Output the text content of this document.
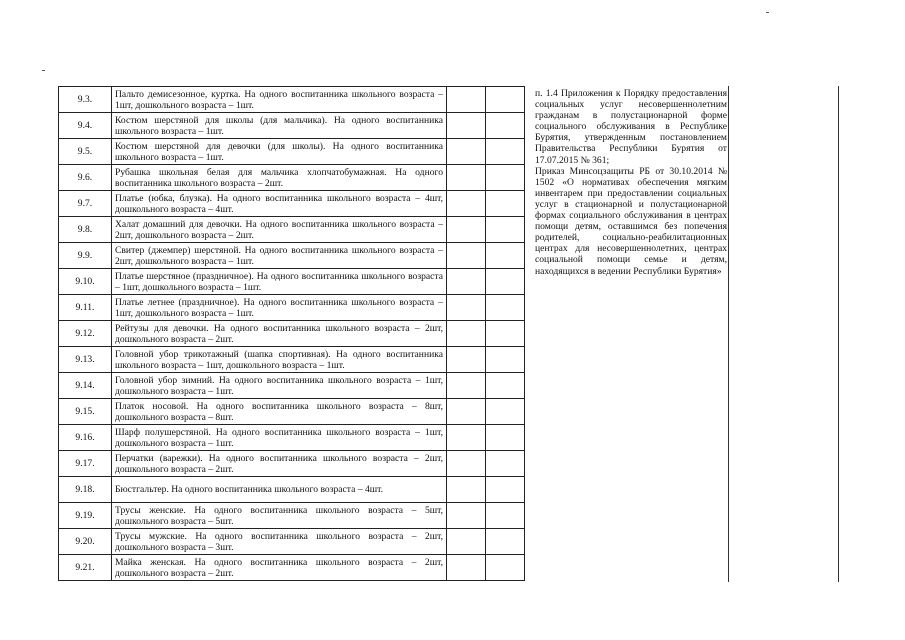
9.3.	Пальто демисезонное, куртка. На одного воспитанника школьного возраста – 1шт, дошкольного возраста – 1шт.		
9.4.	Костюм шерстяной для школы (для мальчика). На одного воспитанника школьного возраста – 1шт.		
9.5.	Костюм шерстяной для девочки (для школы). На одного воспитанника школьного возраста – 1шт.		
9.6.	Рубашка школьная белая для мальчика хлопчатобумажная. На одного воспитанника школьного возраста – 2шт.		
9.7.	Платье (юбка, блузка). На одного воспитанника школьного возраста – 4шт, дошкольного возраста – 4шт.		
9.8.	Халат домашний для девочки. На одного воспитанника школьного возраста – 2шт, дошкольного возраста – 2шт.		
9.9.	Свитер (джемпер) шерстяной. На одного воспитанника школьного возраста – 2шт, дошкольного возраста – 1шт.		
9.10.	Платье шерстяное (праздничное). На одного воспитанника школьного возраста – 1шт, дошкольного возраста – 1шт.		
9.11.	Платье летнее (праздничное). На одного воспитанника школьного возраста – 1шт, дошкольного возраста – 1шт.		
9.12.	Рейтузы для девочки. На одного воспитанника школьного возраста – 2шт, дошкольного возраста – 2шт.		
9.13.	Головной убор трикотажный (шапка спортивная). На одного воспитанника школьного возраста – 1шт, дошкольного возраста – 1шт.		
9.14.	Головной убор зимний. На одного воспитанника школьного возраста – 1шт, дошкольного возраста – 1шт.		
9.15.	Платок носовой. На одного воспитанника школьного возраста – 8шт, дошкольного возраста – 8шт.		
9.16.	Шарф полушерстяной. На одного воспитанника школьного возраста – 1шт, дошкольного возраста – 1шт.		
9.17.	Перчатки (варежки). На одного воспитанника школьного возраста – 2шт, дошкольного возраста – 2шт.		
9.18.	Бюстгальтер. На одного воспитанника школьного возраста – 4шт.		
9.19.	Трусы женские. На одного воспитанника школьного возраста – 5шт, дошкольного возраста – 5шт.		
9.20.	Трусы мужские. На одного воспитанника школьного возраста – 2шт, дошкольного возраста – 3шт.		
9.21.	Майка женская. На одного воспитанника школьного возраста – 2шт, дошкольного возраста – 2шт.		

п. 1.4 Приложения к Порядку предоставления социальных услуг несовершеннолетним гражданам в полустационарной форме социального обслуживания в Республике Бурятия, утвержденным постановлением Правительства Республики Бурятия от 17.07.2015 № 361;

Приказ Минсоцзащиты РБ от 30.10.2014 № 1502 «О нормативах обеспечения мягким инвентарем при предоставлении социальных услуг в стационарной и полустационарной формах социального обслуживания в центрах помощи детям, оставшимся без попечения родителей, социально-реабилитационных центрах для несовершеннолетних, центрах социальной помощи семье и детям, находящихся в ведении Республики Бурятия»
